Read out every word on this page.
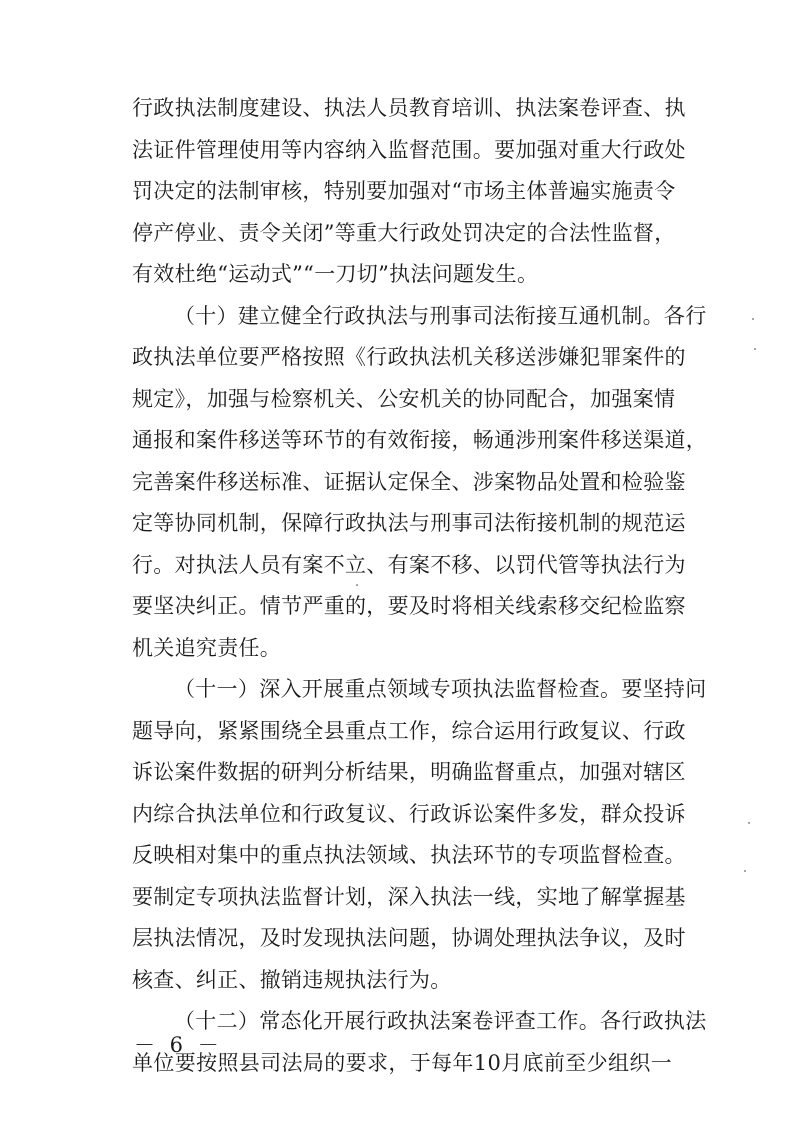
行政执法制度建设、执法人员教育培训、执法案卷评查、执
法证件管理使用等内容纳入监督范围。要加强对重大行政处
罚决定的法制审核，特别要加强对“市场主体普遍实施责令
停产停业、责令关闭”等重大行政处罚决定的合法性监督，
有效杜绝“运动式”“一刀切”执法问题发生。
（十）建立健全行政执法与刑事司法衔接互通机制。各行
政执法单位要严格按照《行政执法机关移送涉嫌犯罪案件的
规定》，加强与检察机关、公安机关的协同配合，加强案情
通报和案件移送等环节的有效衔接，畅通涉刑案件移送渠道，
完善案件移送标准、证据认定保全、涉案物品处置和检验鉴
定等协同机制，保障行政执法与刑事司法衔接机制的规范运
行。对执法人员有案不立、有案不移、以罚代管等执法行为
要坚决纠正。情节严重的，要及时将相关线索移交纪检监察
机关追究责任。
（十一）深入开展重点领域专项执法监督检查。要坚持问
题导向，紧紧围绕全县重点工作，综合运用行政复议、行政
诉讼案件数据的研判分析结果，明确监督重点，加强对辖区
内综合执法单位和行政复议、行政诉讼案件多发，群众投诉
反映相对集中的重点执法领域、执法环节的专项监督检查。
要制定专项执法监督计划，深入执法一线，实地了解掌握基
层执法情况，及时发现执法问题，协调处理执法争议，及时
核查、纠正、撤销违规执法行为。
（十二）常态化开展行政执法案卷评查工作。各行政执法
单位要按照县司法局的要求，于每年10月底前至少组织一
－ 6 －
